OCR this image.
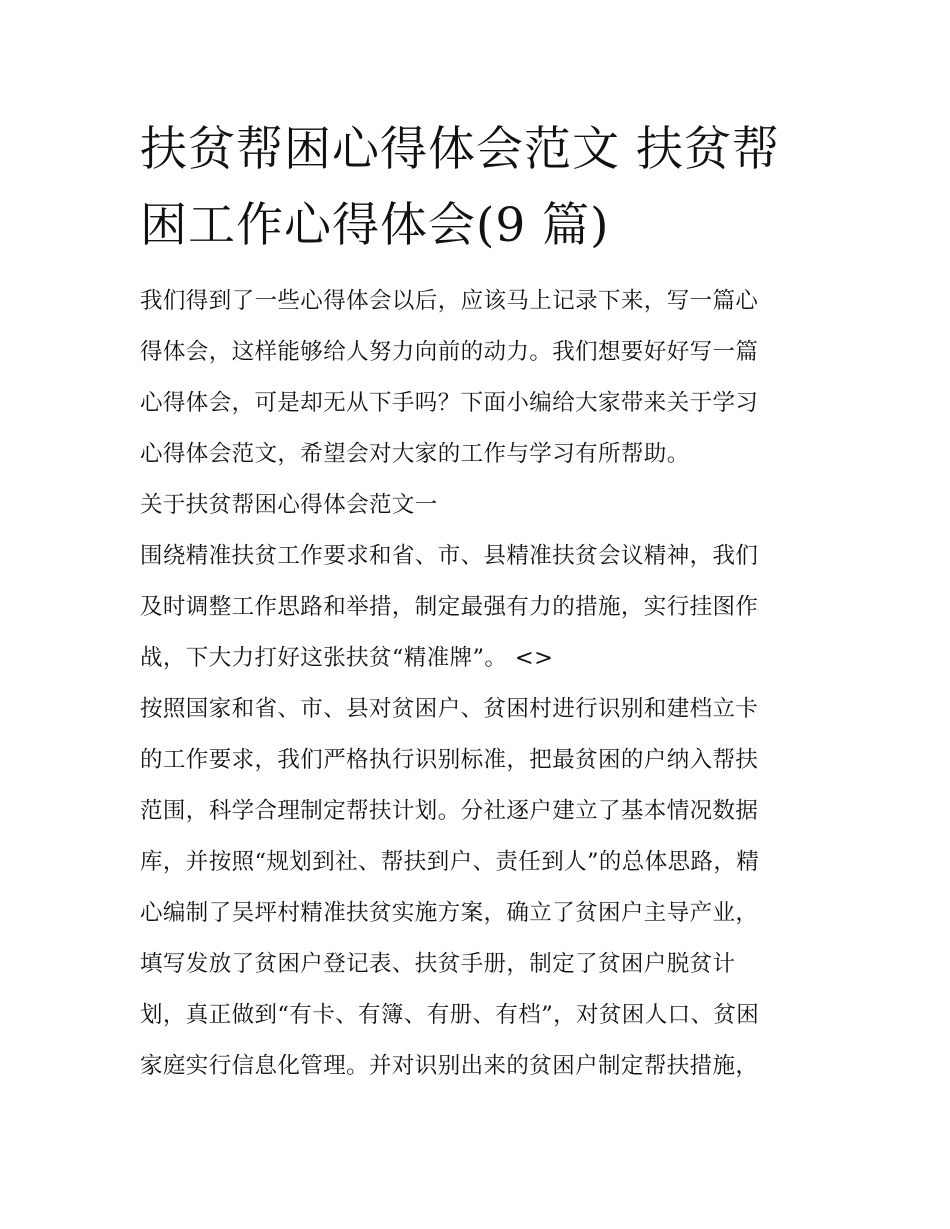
扶贫帮困心得体会范文 扶贫帮
困工作心得体会(9 篇)
我们得到了一些心得体会以后，应该马上记录下来，写一篇心
得体会，这样能够给人努力向前的动力。我们想要好好写一篇
心得体会，可是却无从下手吗？下面小编给大家带来关于学习
心得体会范文，希望会对大家的工作与学习有所帮助。
关于扶贫帮困心得体会范文一
围绕精准扶贫工作要求和省、市、县精准扶贫会议精神，我们
及时调整工作思路和举措，制定最强有力的措施，实行挂图作
战，下大力打好这张扶贫“精准牌”。 <>
按照国家和省、市、县对贫困户、贫困村进行识别和建档立卡
的工作要求，我们严格执行识别标准，把最贫困的户纳入帮扶
范围，科学合理制定帮扶计划。分社逐户建立了基本情况数据
库，并按照“规划到社、帮扶到户、责任到人”的总体思路，精
心编制了吴坪村精准扶贫实施方案，确立了贫困户主导产业，
填写发放了贫困户登记表、扶贫手册，制定了贫困户脱贫计
划，真正做到“有卡、有簿、有册、有档”，对贫困人口、贫困
家庭实行信息化管理。并对识别出来的贫困户制定帮扶措施，
